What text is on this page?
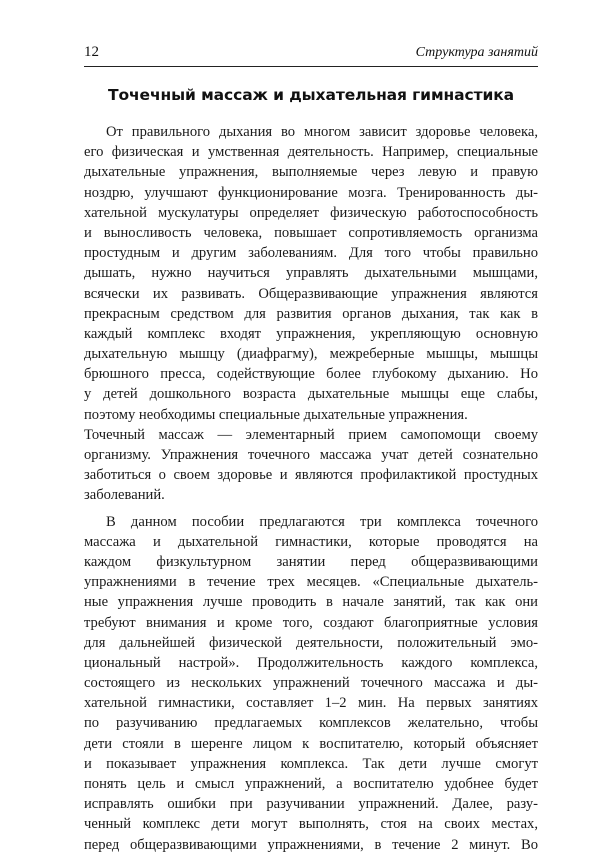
12	Структура занятий
Точечный массаж и дыхательная гимнастика
От правильного дыхания во многом зависит здоровье человека,
его физическая и умственная деятельность. Например, специальные
дыхательные упражнения, выполняемые через левую и правую
ноздрю, улучшают функционирование мозга. Тренированность ды-
хательной мускулатуры определяет физическую работоспособность
и выносливость человека, повышает сопротивляемость организма
простудным и другим заболеваниям. Для того чтобы правильно
дышать, нужно научиться управлять дыхательными мышцами,
всячески их развивать. Общеразвивающие упражнения являются
прекрасным средством для развития органов дыхания, так как в
каждый комплекс входят упражнения, укрепляющую основную
дыхательную мышцу (диафрагму), межреберные мышцы, мышцы
брюшного пресса, содействующие более глубокому дыханию. Но
у детей дошкольного возраста дыхательные мышцы еще слабы,
поэтому необходимы специальные дыхательные упражнения.
Точечный массаж — элементарный прием самопомощи своему
организму. Упражнения точечного массажа учат детей сознательно
заботиться о своем здоровье и являются профилактикой простудных
заболеваний.
В данном пособии предлагаются три комплекса точечного
массажа и дыхательной гимнастики, которые проводятся на
каждом физкультурном занятии перед общеразвивающими
упражнениями в течение трех месяцев. «Специальные дыхатель-
ные упражнения лучше проводить в начале занятий, так как они
требуют внимания и кроме того, создают благоприятные условия
для дальнейшей физической деятельности, положительный эмо-
циональный настрой». Продолжительность каждого комплекса,
состоящего из нескольких упражнений точечного массажа и ды-
хательной гимнастики, составляет 1–2 мин. На первых занятиях
по разучиванию предлагаемых комплексов желательно, чтобы
дети стояли в шеренге лицом к воспитателю, который объясняет
и показывает упражнения комплекса. Так дети лучше смогут
понять цель и смысл упражнений, а воспитателю удобнее будет
исправлять ошибки при разучивании упражнений. Далее, разу-
ченный комплекс дети могут выполнять, стоя на своих местах,
перед общеразвивающими упражнениями, в течение 2 минут. Во
